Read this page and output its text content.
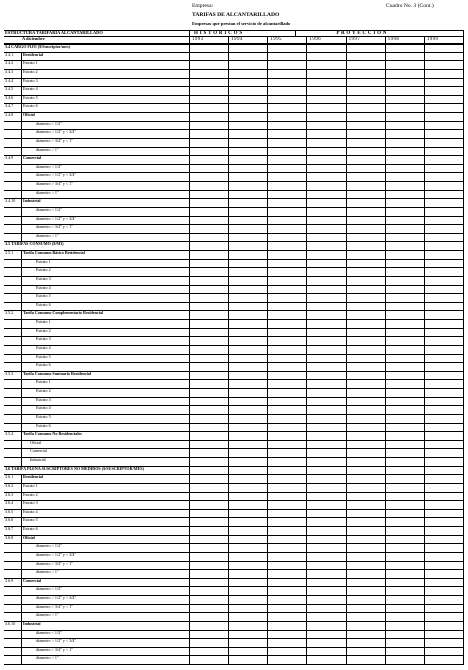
Empresa:	Cuadro No. 3 (Cont.)
TARIFAS DE ALCANTARILLADO
Empresas que prestan el servicio de alcantarillado
ESTRUCTURA TARIFARIA ALCANTARILLADO	H I S T O R I C O S	P R O Y E C C I O N
A diciembre	1993	1994	1995	1996	1997	1998	1999
3.4 CARGO FIJO ($/Suscriptor/mes)
3.4.1	Residencial
3.4.2	Estrato 1
3.4.3	Estrato 2
3.4.4	Estrato 3
3.4.5	Estrato 4
3.4.6	Estrato 5
3.4.7	Estrato 6
3.4.8	Oficial
diametro < 1/2"
diametro > 1/2" y < 3/4"
diametro > 3/4" y < 1"
diametro > 1"
3.4.9	Comercial
diametro < 1/2"
diametro > 1/2" y < 3/4"
diametro > 3/4" y < 1"
diametro > 1"
3.4.10	Industrial
diametro < 1/2"
diametro > 1/2" y < 3/4"
diametro > 3/4" y < 1"
diametro > 1"
3.5 TARIFAS CONSUMO ($/M3)
3.5.1	Tarifa Consumo Básico Residencial
Estrato 1
Estrato 2
Estrato 3
Estrato 4
Estrato 5
Estrato 6
3.5.2	Tarifa Consumo Complementario Residencial
Estrato 1
Estrato 2
Estrato 3
Estrato 4
Estrato 5
Estrato 6
3.5.3	Tarifa Consumo Suntuario Residencial
Estrato 1
Estrato 2
Estrato 3
Estrato 4
Estrato 5
Estrato 6
3.5.4	Tarifa Consumo No Residenciales
Oficial
Comercial
Industrial
3.6 TARIFA PLENA SUSCRIPTORES NO MEDIDOS ($/SUSCRIPTOR/MES)
3.6.1	Residencial
3.6.2	Estrato 1
3.6.3	Estrato 2
3.6.4	Estrato 3
3.6.5	Estrato 4
3.6.6	Estrato 5
3.6.7	Estrato 6
3.6.8	Oficial
diametro < 1/2"
diametro > 1/2" y < 3/4"
diametro > 3/4" y < 1"
diametro > 1"
3.6.9	Comercial
diametro < 1/2"
diametro > 1/2" y < 3/4"
diametro > 3/4" y < 1"
diametro > 1"
3.6.10	Industrial
diametro < 1/2"
diametro > 1/2" y < 3/4"
diametro > 3/4" y < 1"
diametro > 1"
